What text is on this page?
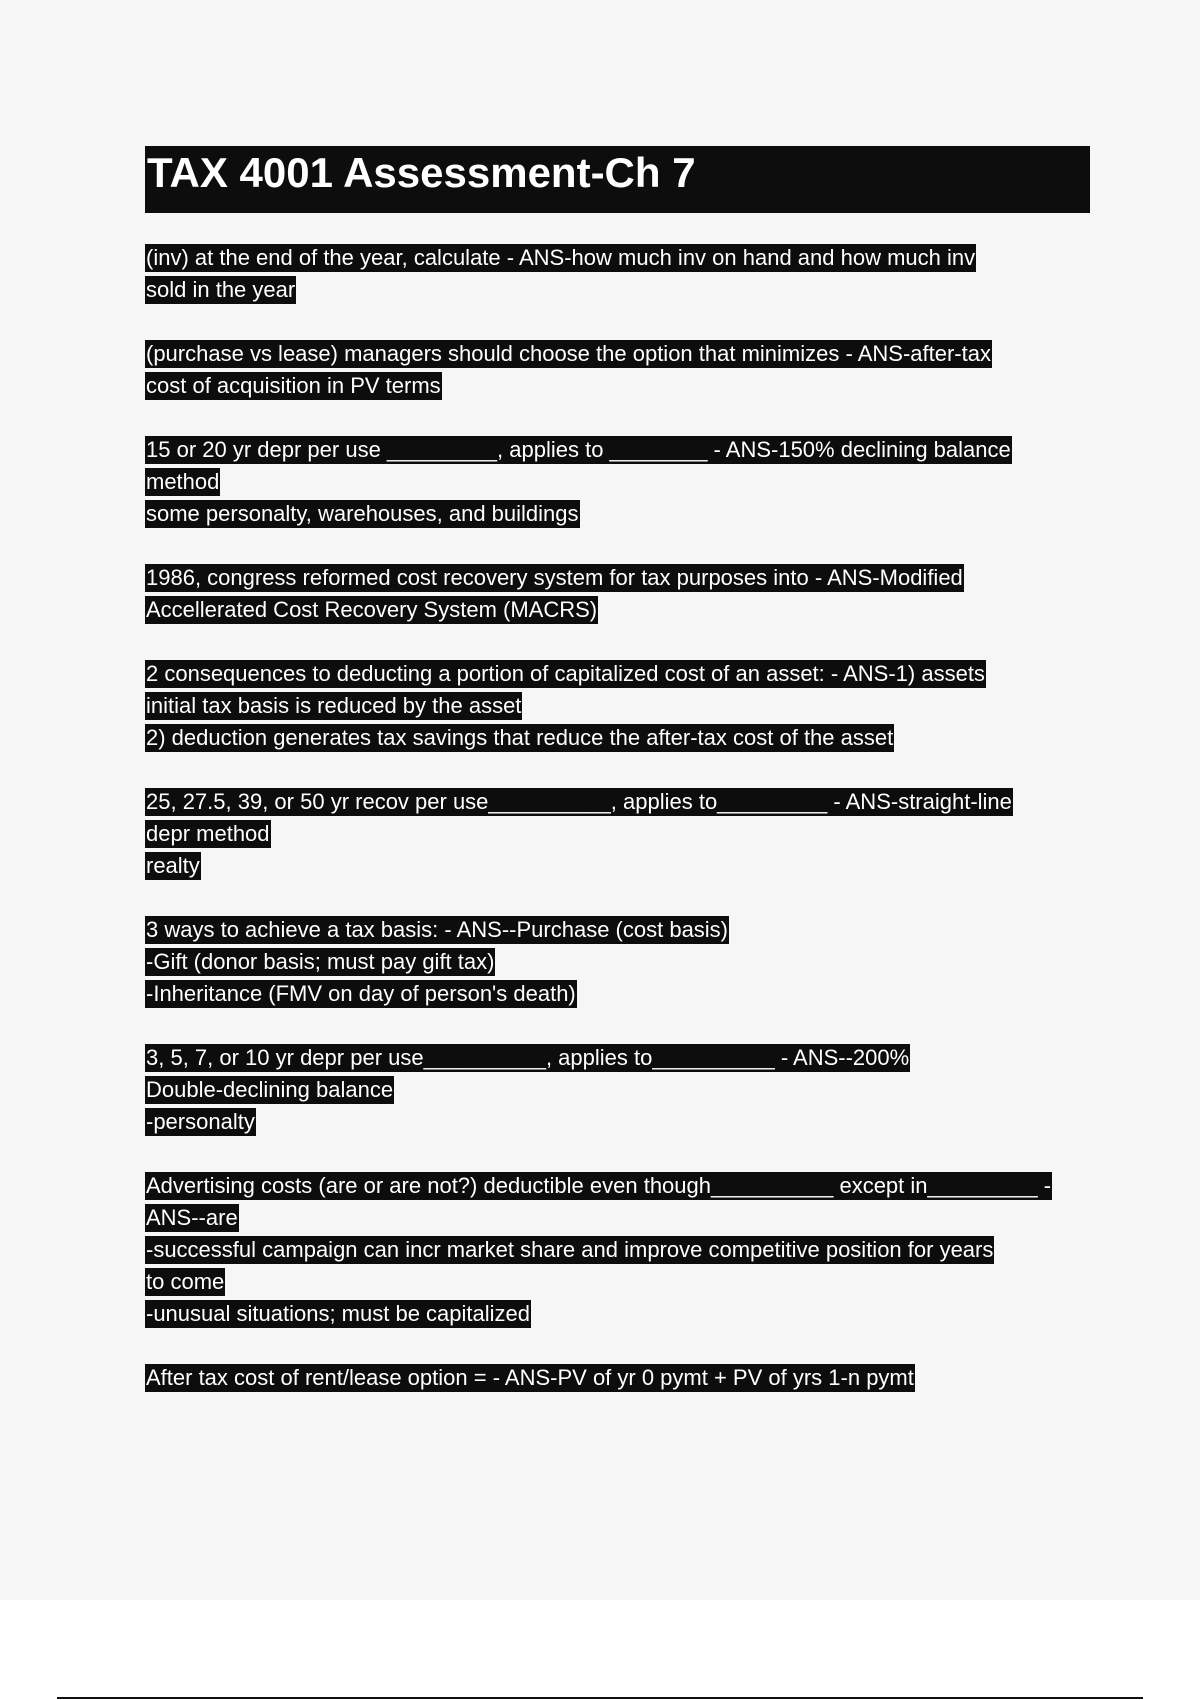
TAX 4001 Assessment-Ch 7
(inv) at the end of the year, calculate - ANS-how much inv on hand and how much inv
sold in the year
(purchase vs lease) managers should choose the option that minimizes - ANS-after-tax
cost of acquisition in PV terms
15 or 20 yr depr per use _________, applies to ________ - ANS-150% declining balance
method
some personalty, warehouses, and buildings
1986, congress reformed cost recovery system for tax purposes into - ANS-Modified
Accellerated Cost Recovery System (MACRS)
2 consequences to deducting a portion of capitalized cost of an asset: - ANS-1) assets
initial tax basis is reduced by the asset
2) deduction generates tax savings that reduce the after-tax cost of the asset
25, 27.5, 39, or 50 yr recov per use__________, applies to_________ - ANS-straight-line
depr method
realty
3 ways to achieve a tax basis: - ANS--Purchase (cost basis)
-Gift (donor basis; must pay gift tax)
-Inheritance (FMV on day of person's death)
3, 5, 7, or 10 yr depr per use__________, applies to__________ - ANS--200%
Double-declining balance
-personalty
Advertising costs (are or are not?) deductible even though__________ except in_________ -
ANS--are
-successful campaign can incr market share and improve competitive position for years
to come
-unusual situations; must be capitalized
After tax cost of rent/lease option = - ANS-PV of yr 0 pymt + PV of yrs 1-n pymt
